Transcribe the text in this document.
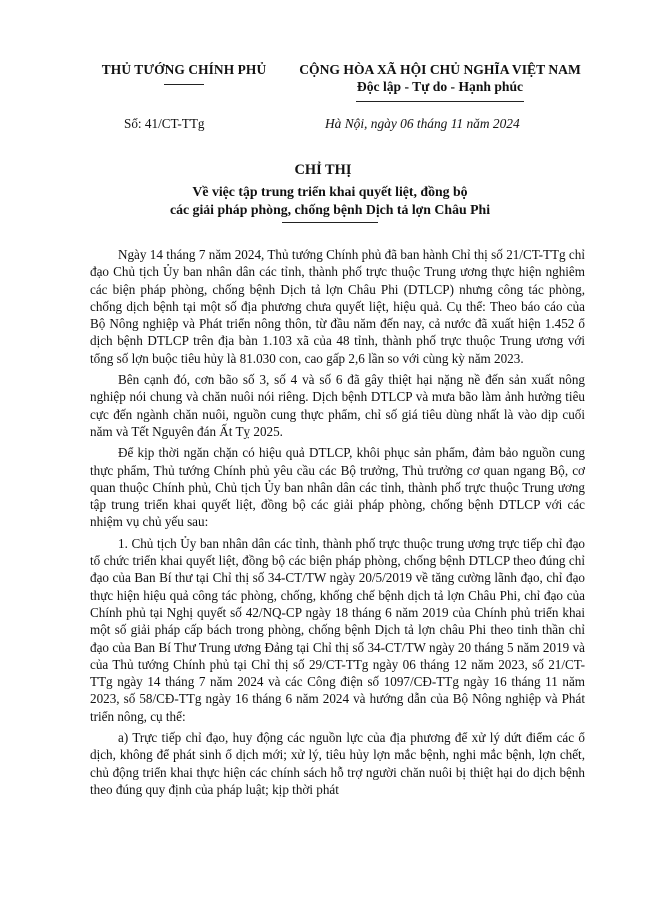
THỦ TƯỚNG CHÍNH PHỦ	CỘNG HÒA XÃ HỘI CHỦ NGHĨA VIỆT NAM
Độc lập - Tự do - Hạnh phúc
Số: 41/CT-TTg	Hà Nội, ngày 06 tháng 11 năm 2024
CHỈ THỊ
Về việc tập trung triển khai quyết liệt, đồng bộ
các giải pháp phòng, chống bệnh Dịch tả lợn Châu Phi

Ngày 14 tháng 7 năm 2024, Thủ tướng Chính phủ đã ban hành Chỉ thị số 21/CT-TTg chỉ đạo Chủ tịch Ủy ban nhân dân các tỉnh, thành phố trực thuộc Trung ương thực hiện nghiêm các biện pháp phòng, chống bệnh Dịch tả lợn Châu Phi (DTLCP) nhưng công tác phòng, chống dịch bệnh tại một số địa phương chưa quyết liệt, hiệu quả. Cụ thể: Theo báo cáo của Bộ Nông nghiệp và Phát triển nông thôn, từ đầu năm đến nay, cả nước đã xuất hiện 1.452 ổ dịch bệnh DTLCP trên địa bàn 1.103 xã của 48 tỉnh, thành phố trực thuộc Trung ương với tổng số lợn buộc tiêu hủy là 81.030 con, cao gấp 2,6 lần so với cùng kỳ năm 2023.

Bên cạnh đó, cơn bão số 3, số 4 và số 6 đã gây thiệt hại nặng nề đến sản xuất nông nghiệp nói chung và chăn nuôi nói riêng. Dịch bệnh DTLCP và mưa bão làm ảnh hưởng tiêu cực đến ngành chăn nuôi, nguồn cung thực phẩm, chỉ số giá tiêu dùng nhất là vào dịp cuối năm và Tết Nguyên đán Ất Tỵ 2025.

Để kịp thời ngăn chặn có hiệu quả DTLCP, khôi phục sản phẩm, đảm bảo nguồn cung thực phẩm, Thủ tướng Chính phủ yêu cầu các Bộ trưởng, Thủ trưởng cơ quan ngang Bộ, cơ quan thuộc Chính phủ, Chủ tịch Ủy ban nhân dân các tỉnh, thành phố trực thuộc Trung ương tập trung triển khai quyết liệt, đồng bộ các giải pháp phòng, chống bệnh DTLCP với các nhiệm vụ chủ yếu sau:

1. Chủ tịch Ủy ban nhân dân các tỉnh, thành phố trực thuộc trung ương trực tiếp chỉ đạo tổ chức triển khai quyết liệt, đồng bộ các biện pháp phòng, chống bệnh DTLCP theo đúng chỉ đạo của Ban Bí thư tại Chỉ thị số 34-CT/TW ngày 20/5/2019 về tăng cường lãnh đạo, chỉ đạo thực hiện hiệu quả công tác phòng, chống, khống chế bệnh dịch tả lợn Châu Phi, chỉ đạo của Chính phủ tại Nghị quyết số 42/NQ-CP ngày 18 tháng 6 năm 2019 của Chính phủ triển khai một số giải pháp cấp bách trong phòng, chống bệnh Dịch tả lợn châu Phi theo tinh thần chỉ đạo của Ban Bí Thư Trung ương Đảng tại Chỉ thị số 34-CT/TW ngày 20 tháng 5 năm 2019 và của Thủ tướng Chính phủ tại Chỉ thị số 29/CT-TTg ngày 06 tháng 12 năm 2023, số 21/CT-TTg ngày 14 tháng 7 năm 2024 và các Công điện số 1097/CĐ-TTg ngày 16 tháng 11 năm 2023, số 58/CĐ-TTg ngày 16 tháng 6 năm 2024 và hướng dẫn của Bộ Nông nghiệp và Phát triển nông, cụ thể:

a) Trực tiếp chỉ đạo, huy động các nguồn lực của địa phương để xử lý dứt điểm các ổ dịch, không để phát sinh ổ dịch mới; xử lý, tiêu hủy lợn mắc bệnh, nghi mắc bệnh, lợn chết, chủ động triển khai thực hiện các chính sách hỗ trợ người chăn nuôi bị thiệt hại do dịch bệnh theo đúng quy định của pháp luật; kịp thời phát
